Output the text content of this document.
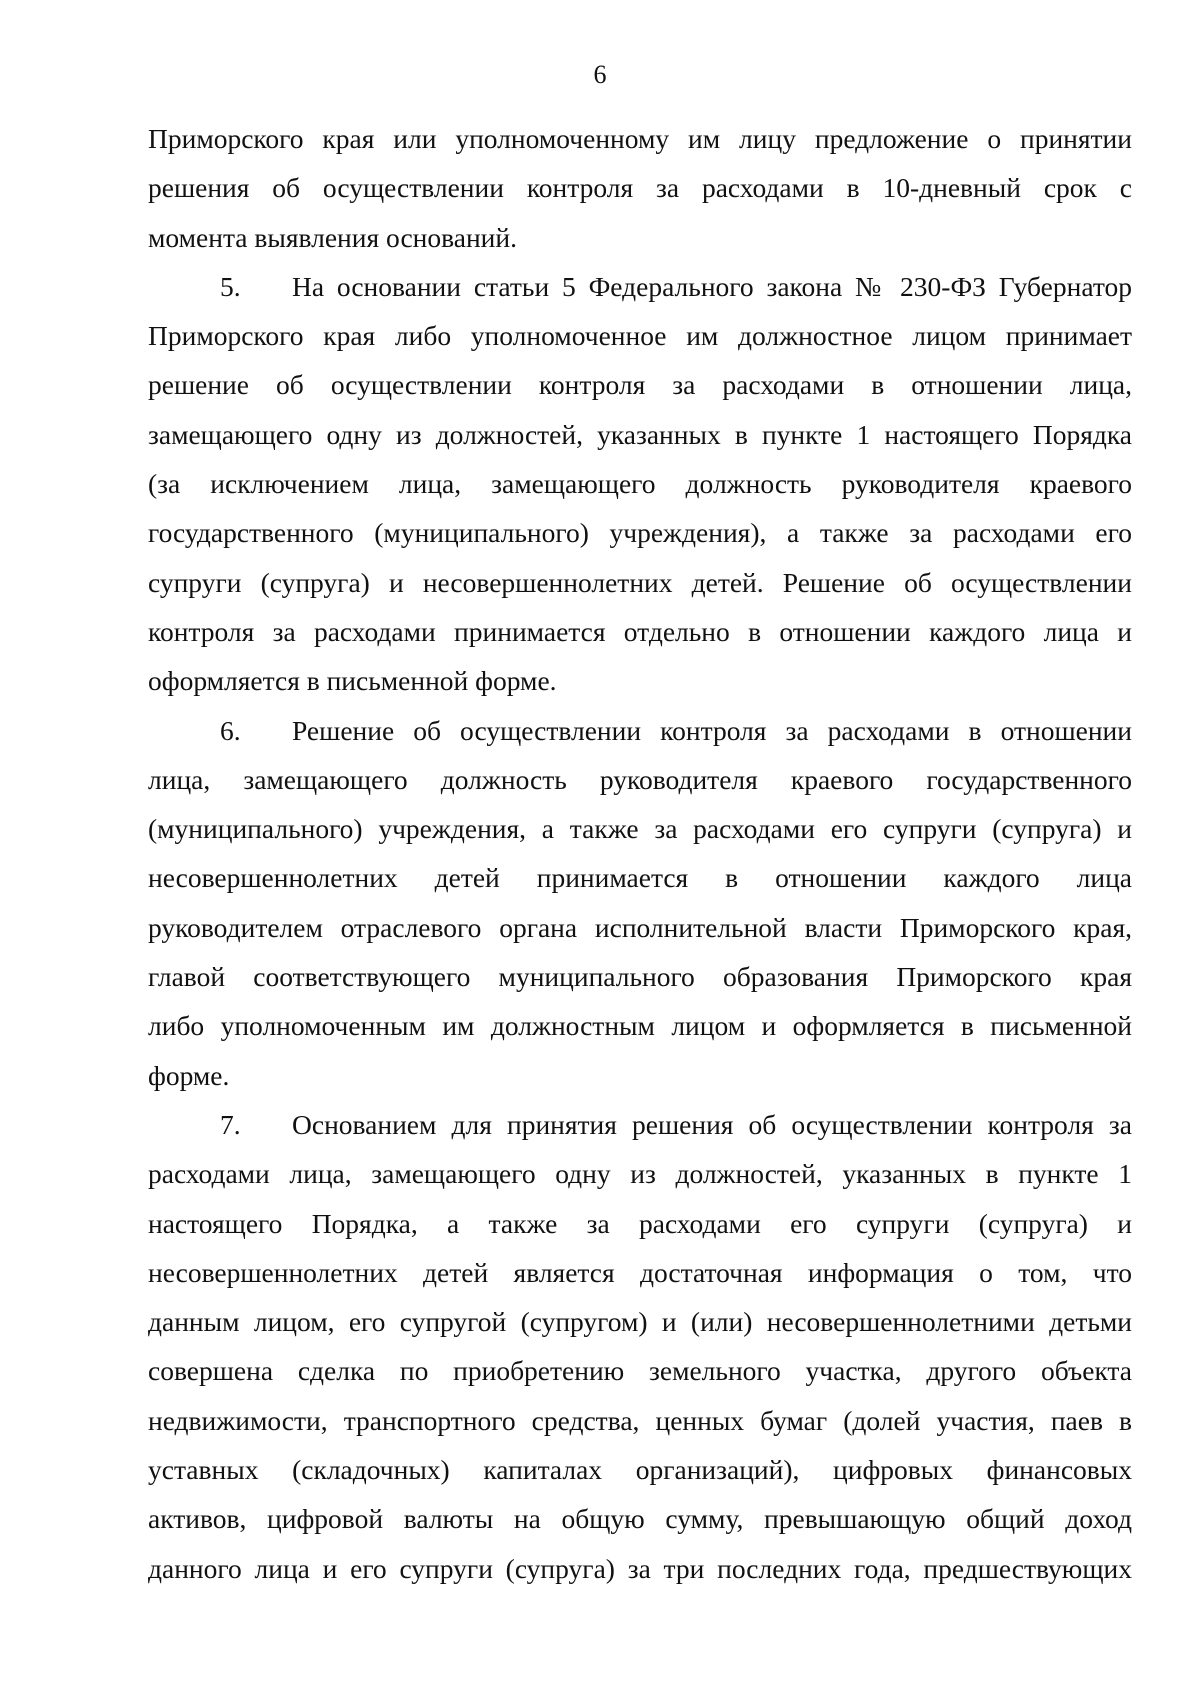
6
Приморского края или уполномоченному им лицу предложение о принятии
решения об осуществлении контроля за расходами в 10-дневный срок с
момента выявления оснований.
5. На основании статьи 5 Федерального закона № 230-ФЗ Губернатор
Приморского края либо уполномоченное им должностное лицом принимает
решение об осуществлении контроля за расходами в отношении лица,
замещающего одну из должностей, указанных в пункте 1 настоящего Порядка
(за исключением лица, замещающего должность руководителя краевого
государственного (муниципального) учреждения), а также за расходами его
супруги (супруга) и несовершеннолетних детей. Решение об осуществлении
контроля за расходами принимается отдельно в отношении каждого лица и
оформляется в письменной форме.
6. Решение об осуществлении контроля за расходами в отношении
лица, замещающего должность руководителя краевого государственного
(муниципального) учреждения, а также за расходами его супруги (супруга) и
несовершеннолетних детей принимается в отношении каждого лица
руководителем отраслевого органа исполнительной власти Приморского края,
главой соответствующего муниципального образования Приморского края
либо уполномоченным им должностным лицом и оформляется в письменной
форме.
7. Основанием для принятия решения об осуществлении контроля за
расходами лица, замещающего одну из должностей, указанных в пункте 1
настоящего Порядка, а также за расходами его супруги (супруга) и
несовершеннолетних детей является достаточная информация о том, что
данным лицом, его супругой (супругом) и (или) несовершеннолетними детьми
совершена сделка по приобретению земельного участка, другого объекта
недвижимости, транспортного средства, ценных бумаг (долей участия, паев в
уставных (складочных) капиталах организаций), цифровых финансовых
активов, цифровой валюты на общую сумму, превышающую общий доход
данного лица и его супруги (супруга) за три последних года, предшествующих
